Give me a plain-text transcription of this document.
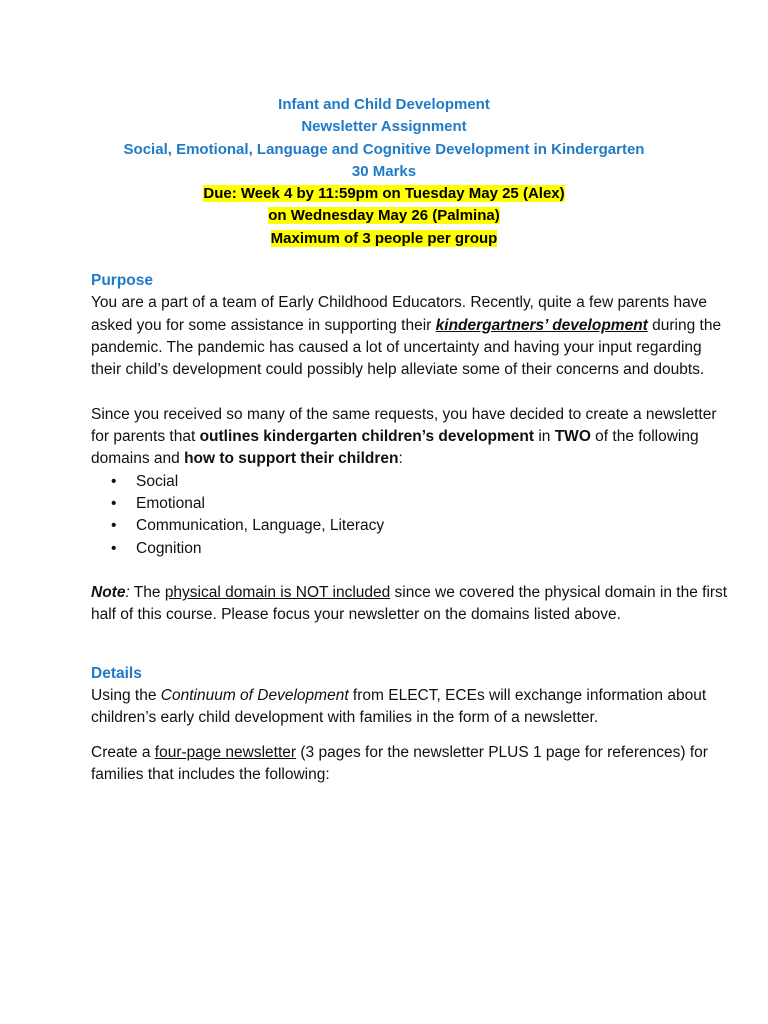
Infant and Child Development
Newsletter Assignment
Social, Emotional, Language and Cognitive Development in Kindergarten
30 Marks
Due: Week 4 by 11:59pm on Tuesday May 25 (Alex)
on Wednesday May 26 (Palmina)
Maximum of 3 people per group

Purpose

You are a part of a team of Early Childhood Educators. Recently, quite a few parents have asked you for some assistance in supporting their kindergartners’ development during the pandemic. The pandemic has caused a lot of uncertainty and having your input regarding their child’s development could possibly help alleviate some of their concerns and doubts.

Since you received so many of the same requests, you have decided to create a newsletter for parents that outlines kindergarten children’s development in TWO of the following domains and how to support their children:

• Social
• Emotional
• Communication, Language, Literacy
• Cognition

Note: The physical domain is NOT included since we covered the physical domain in the first half of this course. Please focus your newsletter on the domains listed above.

Details

Using the Continuum of Development from ELECT, ECEs will exchange information about children’s early child development with families in the form of a newsletter.

Create a four-page newsletter (3 pages for the newsletter PLUS 1 page for references) for families that includes the following:
